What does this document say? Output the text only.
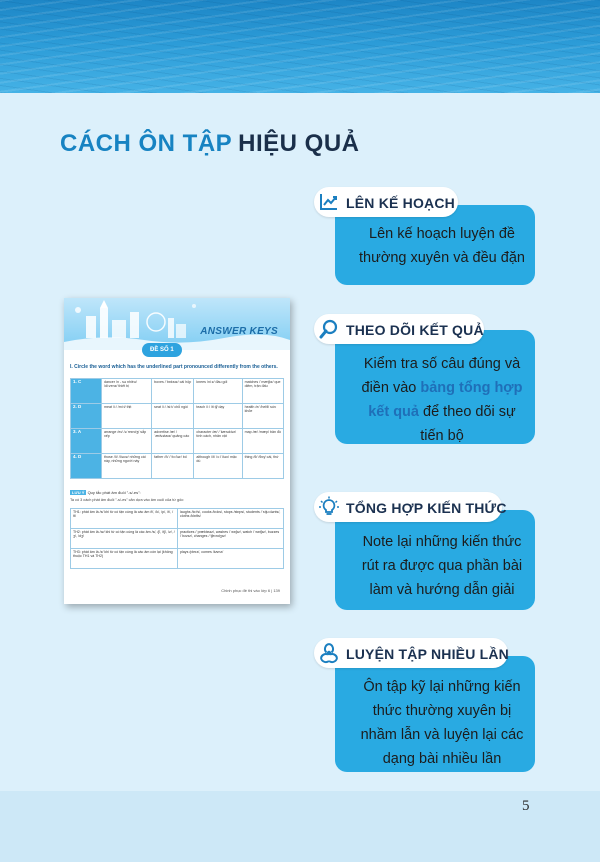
CÁCH ÔN TẬP HIỆU QUẢ
ANSWER KEYS
ĐỀ SỐ 1
I. Circle the word which has the underlined part pronounced differently from the others.
1. C	dancer /n - sə nhiều/ /di:venz/ thiết bị	boxes /ˈbɒksɪz/ cái hộp	knees /niːz/ đầu gối	matches /ˈmætʃɪz/ que diêm, trận đấu
2. D	meat /iː/ /miːt/ thịt	seat /iː/ /siːt/ chỗ ngồi	teach /iː/ /tiːtʃ/ dạy	health /e/ /helθ/ sức khỏe
3. A	arrange /eɪ/ /əˈreɪndʒ/ sắp xếp	advertise /æ/ /ˈædvətaɪz/ quảng cáo	character /æ/ /ˈkærəktər/ tính cách, nhân vật	map /æ/ /mæp/ bản đồ
4. D	those /ð/ /ðəʊz/ những cái này, những người này	father /ð/ /ˈfɑːðər/ bố	although /ð/ /ɔːlˈðəʊ/ mặc dù	thing /θ/ /θɪŋ/ cái, thứ
LƯU Ý Quy tắc phát âm đuôi "-s/-es":
Ta có 3 cách phát âm đuôi "-s/-es" căn dựa vào âm cuối của từ gốc:
TH1: phát âm là /s/ khi từ có tận cùng là các âm /f/, /k/, /p/, /t/, /θ/	laughs /lɑːfs/, cooks /kʊks/, stops /stɒps/, students /ˈstjuːdənts/, cloths /klɒθs/
TH2: phát âm là /ɪz/ khi từ có tận cùng là các âm /s/, /ʃ/, /tʃ/, /z/, /ʒ/, /dʒ/	practices /ˈpræktɪsɪz/, washes /ˈwɒʃɪz/, watch /ˈwɒtʃɪz/, buzzes /ˈbʌzɪz/, changes /ˈtʃeɪndʒɪz/
TH3: phát âm là /z/ khi từ có tận cùng là các âm còn lại (không thuộc TH1 và TH2)	plays /pleɪz/, comes /kʌmz/
Chinh phục đề thi vào lớp 6 | 139
Lên kế hoạch luyện đề thường xuyên và đều đặn
LÊN KẾ HOẠCH
Kiểm tra số câu đúng và điền vào bảng tổng hợp kết quả để theo dõi sự tiến bộ
THEO DÕI KẾT QUẢ
Note lại những kiến thức rút ra được qua phần bài làm và hướng dẫn giải
TỔNG HỢP KIẾN THỨC
Ôn tập kỹ lại những kiến thức thường xuyên bị nhầm lẫn và luyện lại các dạng bài nhiều lần
LUYỆN TẬP NHIỀU LẦN
5
